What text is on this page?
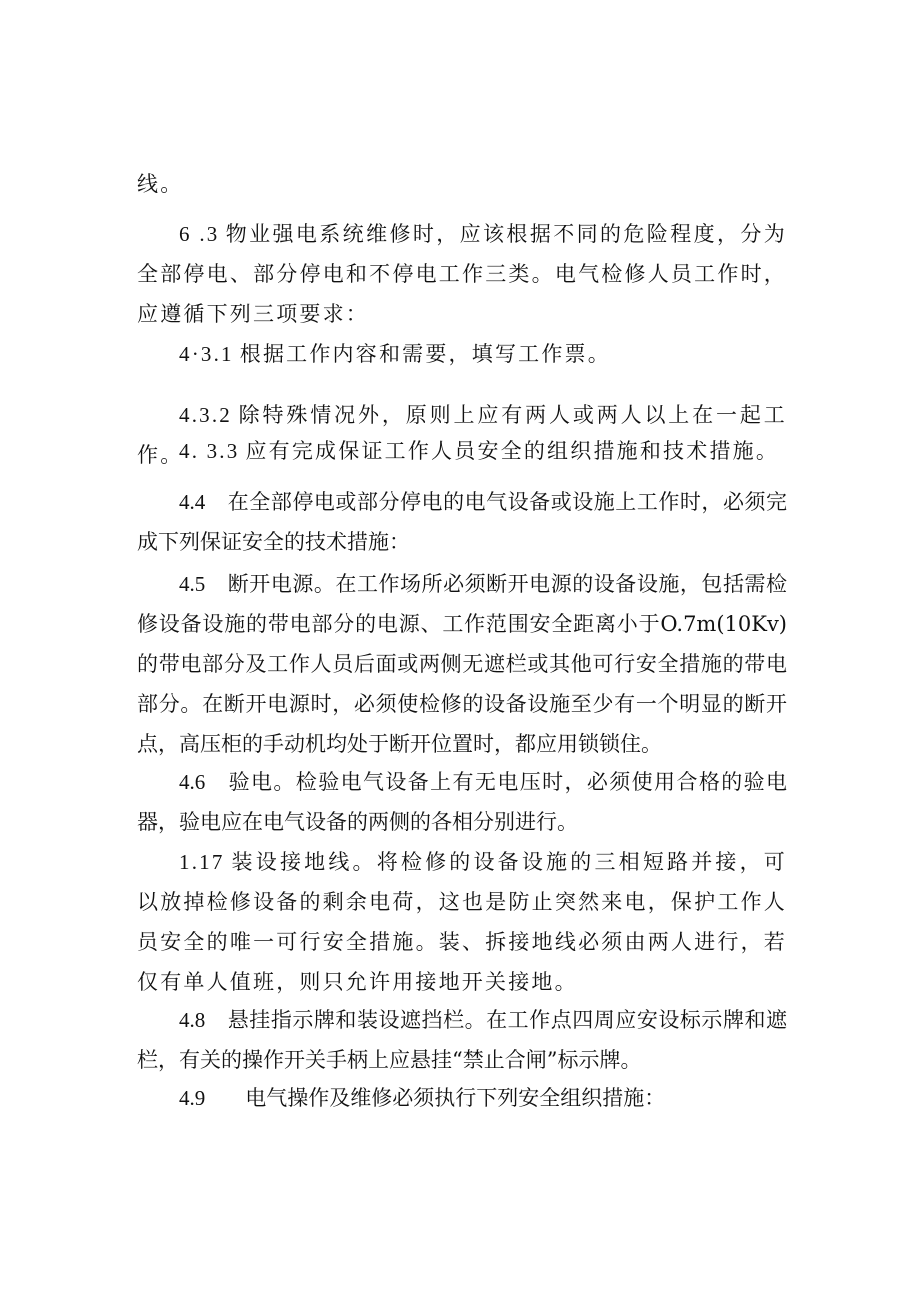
线。

6 .3 物业强电系统维修时，应该根据不同的危险程度，分为全部停电、部分停电和不停电工作三类。电气检修人员工作时，应遵循下列三项要求：

4·3.1 根据工作内容和需要，填写工作票。

4.3.2 除特殊情况外，原则上应有两人或两人以上在一起工作。

4. 3.3 应有完成保证工作人员安全的组织措施和技术措施。

4.4 在全部停电或部分停电的电气设备或设施上工作时，必须完成下列保证安全的技术措施：

4.5 断开电源。在工作场所必须断开电源的设备设施，包括需检修设备设施的带电部分的电源、工作范围安全距离小于O.7m(10Kv)的带电部分及工作人员后面或两侧无遮栏或其他可行安全措施的带电部分。在断开电源时，必须使检修的设备设施至少有一个明显的断开点，高压柜的手动机均处于断开位置时，都应用锁锁住。

4.6 验电。检验电气设备上有无电压时，必须使用合格的验电器，验电应在电气设备的两侧的各相分别进行。

1.17 装设接地线。将检修的设备设施的三相短路并接，可以放掉检修设备的剩余电荷，这也是防止突然来电，保护工作人员安全的唯一可行安全措施。装、拆接地线必须由两人进行，若仅有单人值班，则只允许用接地开关接地。

4.8 悬挂指示牌和装设遮挡栏。在工作点四周应安设标示牌和遮栏，有关的操作开关手柄上应悬挂“禁止合闸”标示牌。

4.9 电气操作及维修必须执行下列安全组织措施：
